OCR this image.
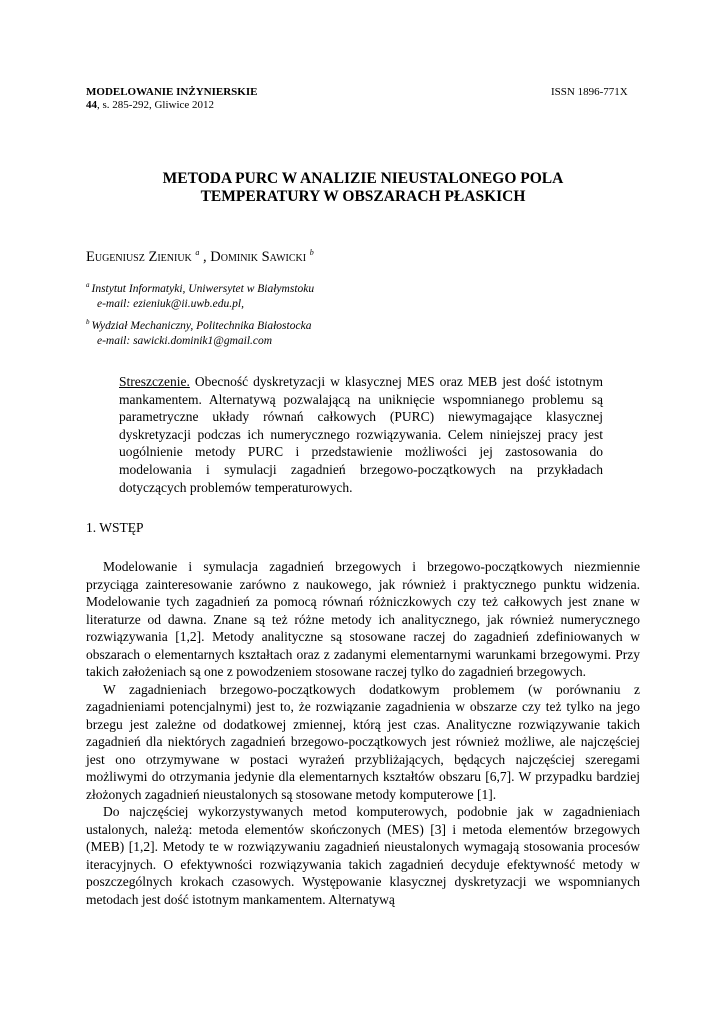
MODELOWANIE INŻYNIERSKIE
44, s. 285-292, Gliwice 2012
ISSN 1896-771X
METODA PURC W ANALIZIE NIEUSTALONEGO POLA
TEMPERATURY W OBSZARACH PŁASKICH
Eugeniusz Zieniuk $^a$ , Dominik Sawicki $^b$
$^a$ Instytut Informatyki, Uniwersytet w Białymstoku
e-mail: ezieniuk@ii.uwb.edu.pl,
$^b$ Wydział Mechaniczny, Politechnika Białostocka
e-mail: sawicki.dominik1@gmail.com
Streszczenie. Obecność dyskretyzacji w klasycznej MES oraz MEB jest dość istotnym mankamentem. Alternatywą pozwalającą na uniknięcie wspomnianego problemu są parametryczne układy równań całkowych (PURC) niewymagające klasycznej dyskretyzacji podczas ich numerycznego rozwiązywania. Celem niniejszej pracy jest uogólnienie metody PURC i przedstawienie możliwości jej zastosowania do modelowania i symulacji zagadnień brzegowo-początkowych na przykładach dotyczących problemów temperaturowych.
1. WSTĘP

Modelowanie i symulacja zagadnień brzegowych i brzegowo-początkowych niezmiennie przyciąga zainteresowanie zarówno z naukowego, jak również i praktycznego punktu widzenia. Modelowanie tych zagadnień za pomocą równań różniczkowych czy też całkowych jest znane w literaturze od dawna. Znane są też różne metody ich analitycznego, jak również numerycznego rozwiązywania [1,2]. Metody analityczne są stosowane raczej do zagadnień zdefiniowanych w obszarach o elementarnych kształtach oraz z zadanymi elementarnymi warunkami brzegowymi. Przy takich założeniach są one z powodzeniem stosowane raczej tylko do zagadnień brzegowych.

W zagadnieniach brzegowo-początkowych dodatkowym problemem (w porównaniu z zagadnieniami potencjalnymi) jest to, że rozwiązanie zagadnienia w obszarze czy też tylko na jego brzegu jest zależne od dodatkowej zmiennej, którą jest czas. Analityczne rozwiązywanie takich zagadnień dla niektórych zagadnień brzegowo-początkowych jest również możliwe, ale najczęściej jest ono otrzymywane w postaci wyrażeń przybliżających, będących najczęściej szeregami możliwymi do otrzymania jedynie dla elementarnych kształtów obszaru [6,7]. W przypadku bardziej złożonych zagadnień nieustalonych są stosowane metody komputerowe [1].

Do najczęściej wykorzystywanych metod komputerowych, podobnie jak w zagadnieniach ustalonych, należą: metoda elementów skończonych (MES) [3] i metoda elementów brzegowych (MEB) [1,2]. Metody te w rozwiązywaniu zagadnień nieustalonych wymagają stosowania procesów iteracyjnych. O efektywności rozwiązywania takich zagadnień decyduje efektywność metody w poszczególnych krokach czasowych. Występowanie klasycznej dyskretyzacji we wspomnianych metodach jest dość istotnym mankamentem. Alternatywą
